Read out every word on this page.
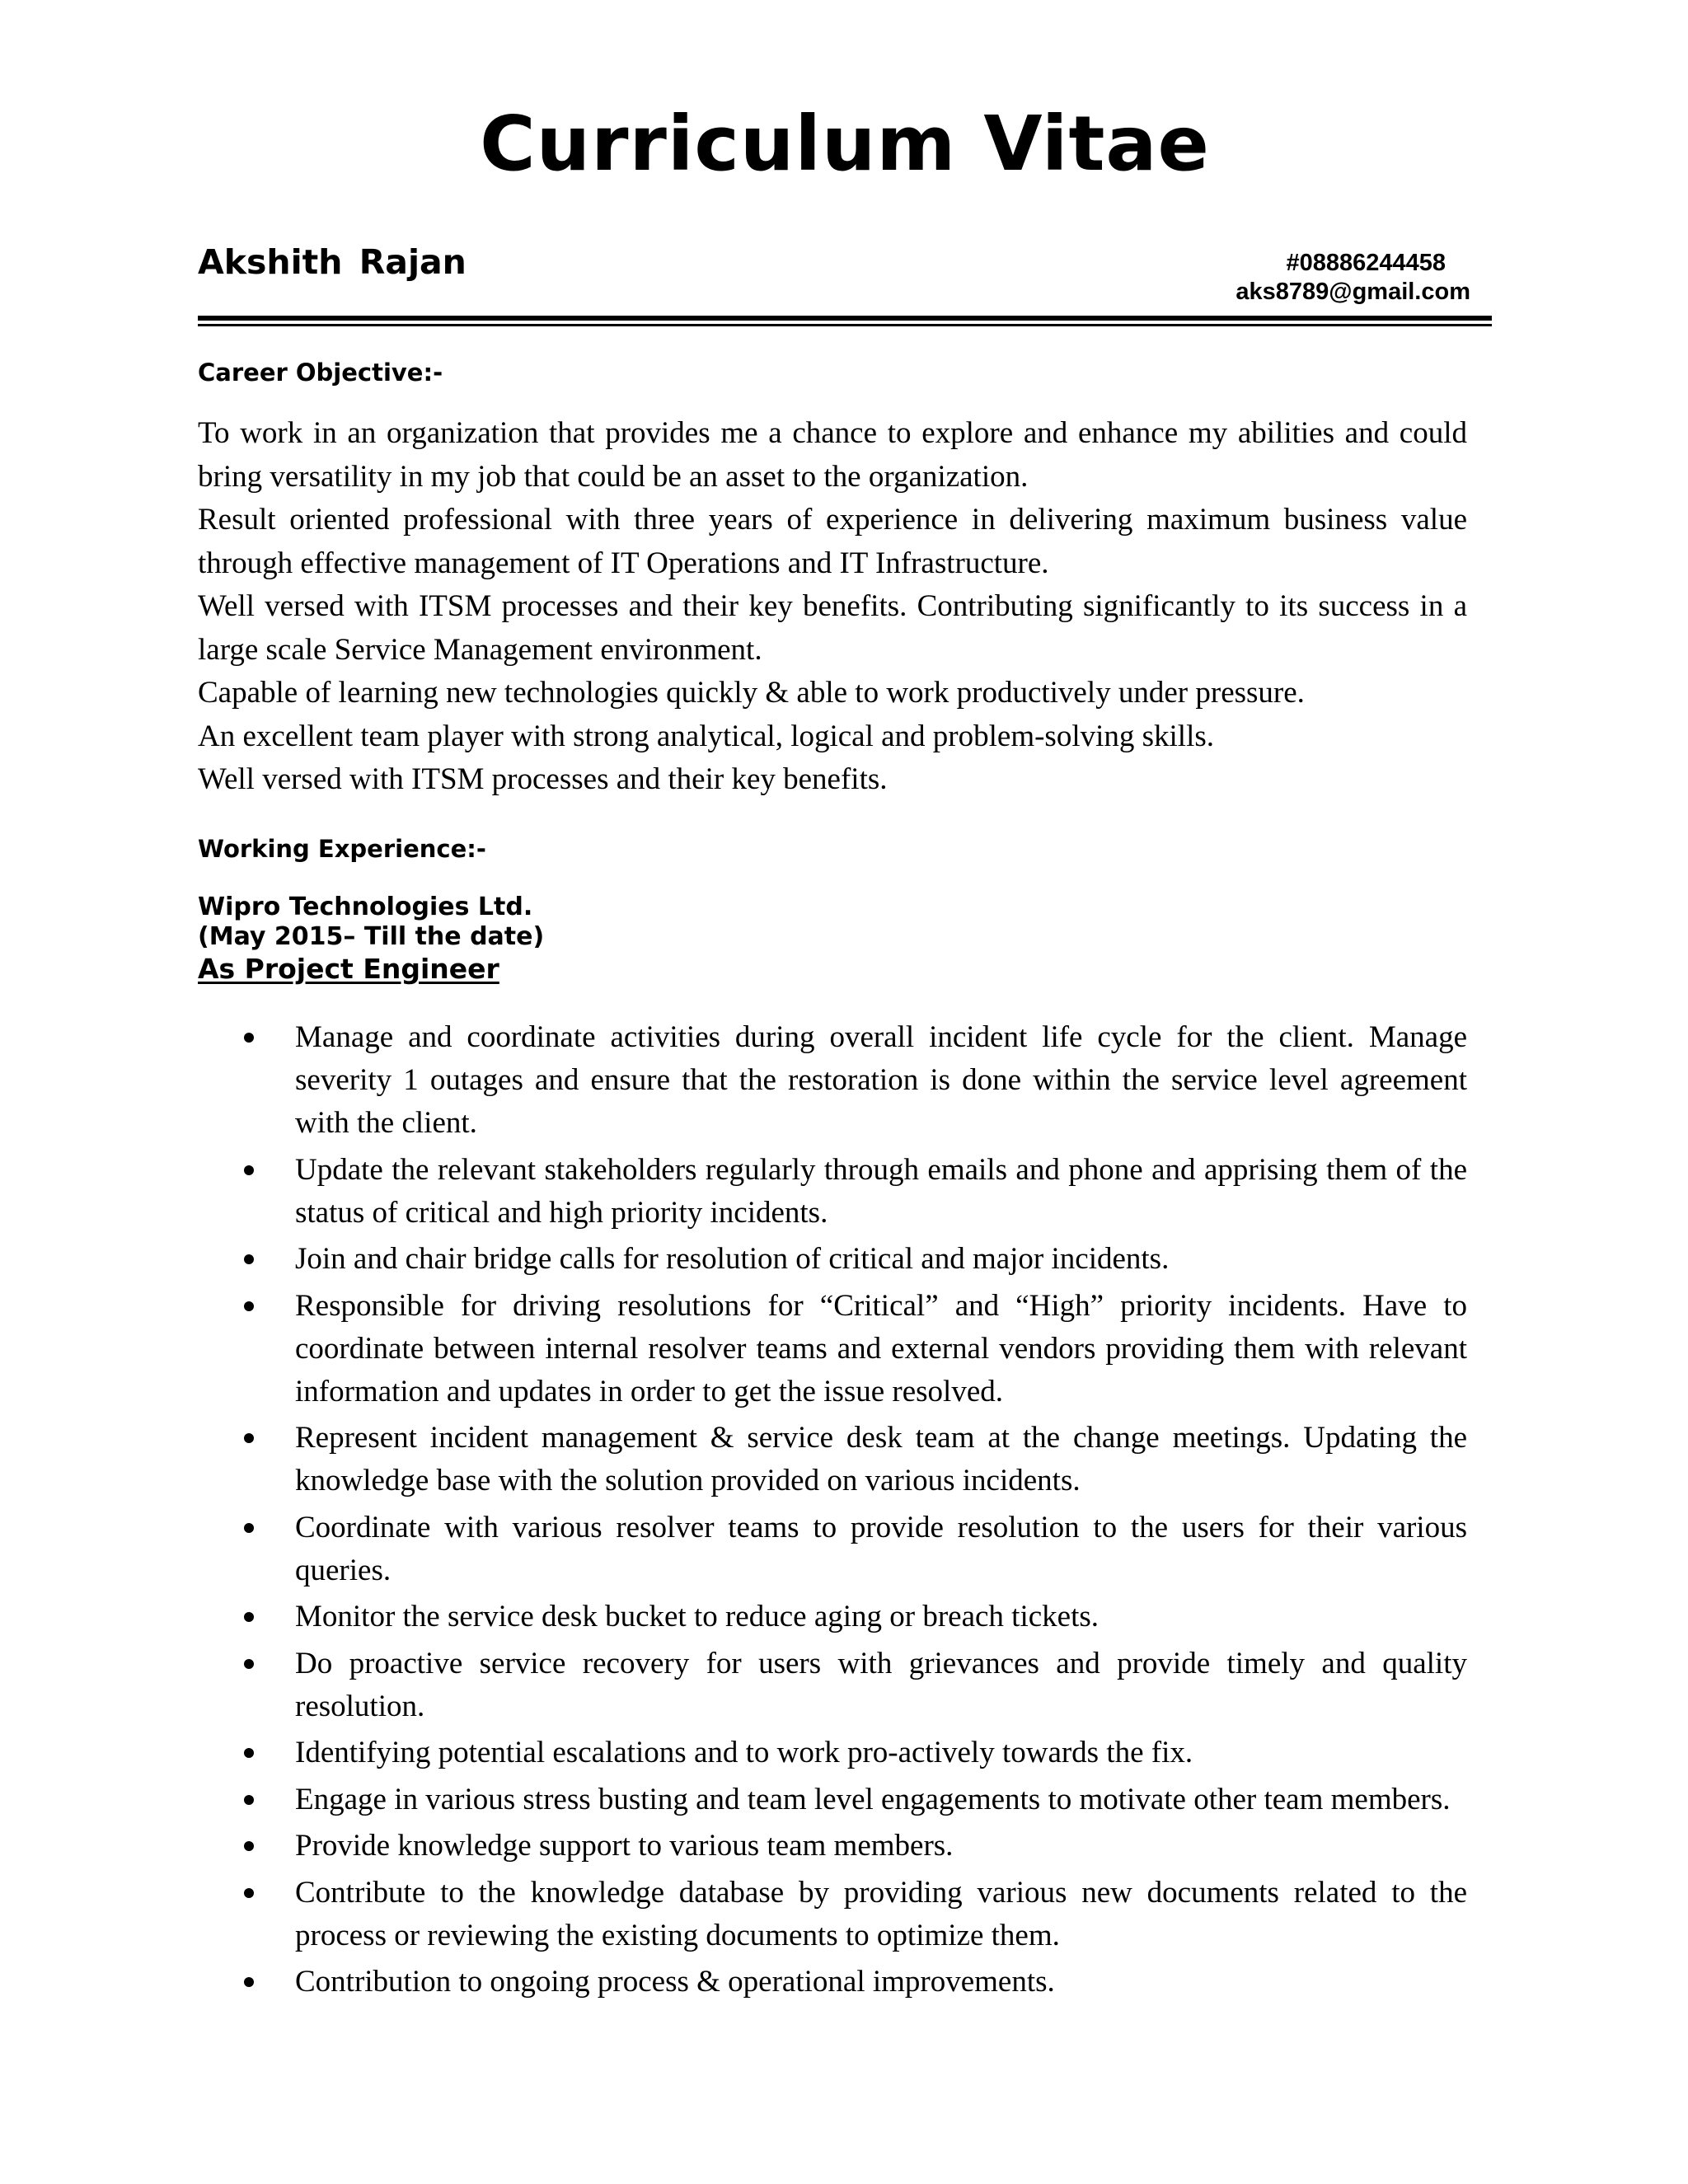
Curriculum Vitae
Akshith Rajan	#08886244458
aks8789@gmail.com
Career Objective:-

To work in an organization that provides me a chance to explore and enhance my abilities and could bring versatility in my job that could be an asset to the organization.

Result oriented professional with three years of experience in delivering maximum business value through effective management of IT Operations and IT Infrastructure.

Well versed with ITSM processes and their key benefits. Contributing significantly to its success in a large scale Service Management environment.

Capable of learning new technologies quickly & able to work productively under pressure.

An excellent team player with strong analytical, logical and problem-solving skills.

Well versed with ITSM processes and their key benefits.

Working Experience:-
Wipro Technologies Ltd.
(May 2015– Till the date)
As Project Engineer
Manage and coordinate activities during overall incident life cycle for the client. Manage severity 1 outages and ensure that the restoration is done within the service level agreement with the client.
Update the relevant stakeholders regularly through emails and phone and apprising them of the status of critical and high priority incidents.
Join and chair bridge calls for resolution of critical and major incidents.
Responsible for driving resolutions for “Critical” and “High” priority incidents. Have to coordinate between internal resolver teams and external vendors providing them with relevant information and updates in order to get the issue resolved.
Represent incident management & service desk team at the change meetings. Updating the knowledge base with the solution provided on various incidents.
Coordinate with various resolver teams to provide resolution to the users for their various queries.
Monitor the service desk bucket to reduce aging or breach tickets.
Do proactive service recovery for users with grievances and provide timely and quality resolution.
Identifying potential escalations and to work pro-actively towards the fix.
Engage in various stress busting and team level engagements to motivate other team members.
Provide knowledge support to various team members.
Contribute to the knowledge database by providing various new documents related to the process or reviewing the existing documents to optimize them.
Contribution to ongoing process & operational improvements.
